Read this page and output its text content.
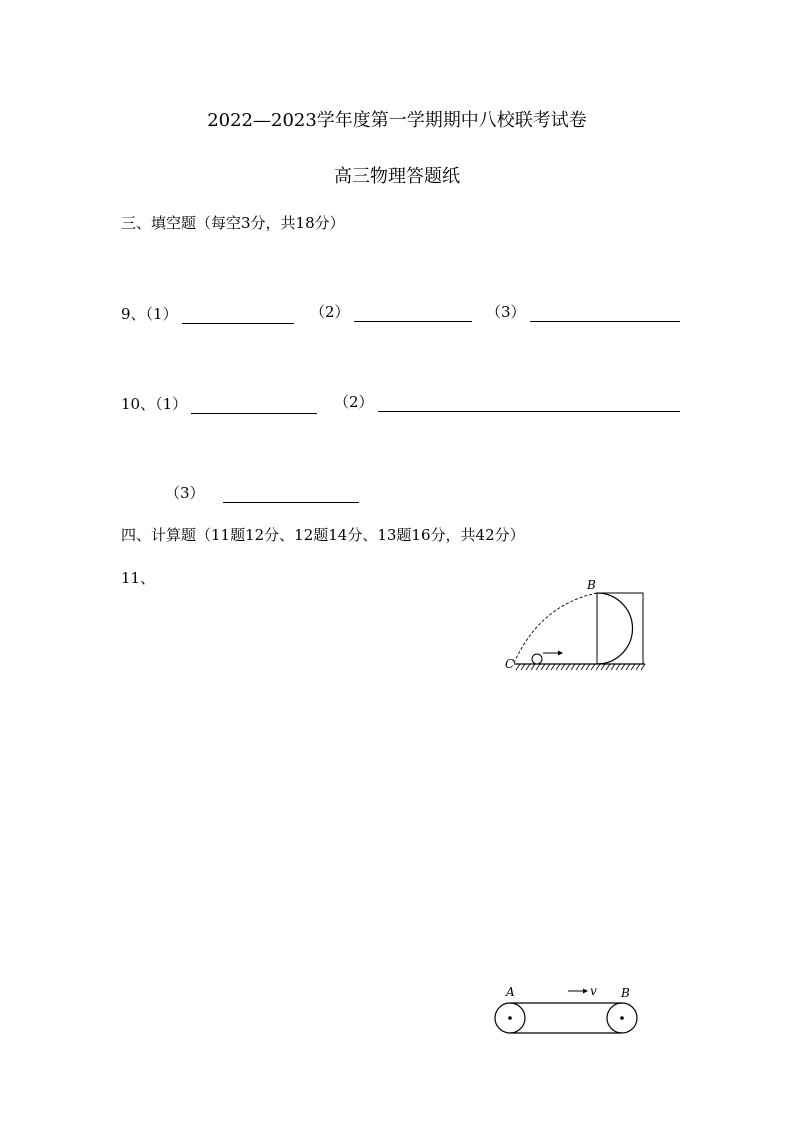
2022—2023学年度第一学期期中八校联考试卷
高三物理答题纸
三、填空题（每空3分，共18分）
9、（1）	（2）	（3）
10、（1）	（2）
（3）
四、计算题（11题12分、12题14分、13题16分，共42分）
11、	B
C
A	v B
